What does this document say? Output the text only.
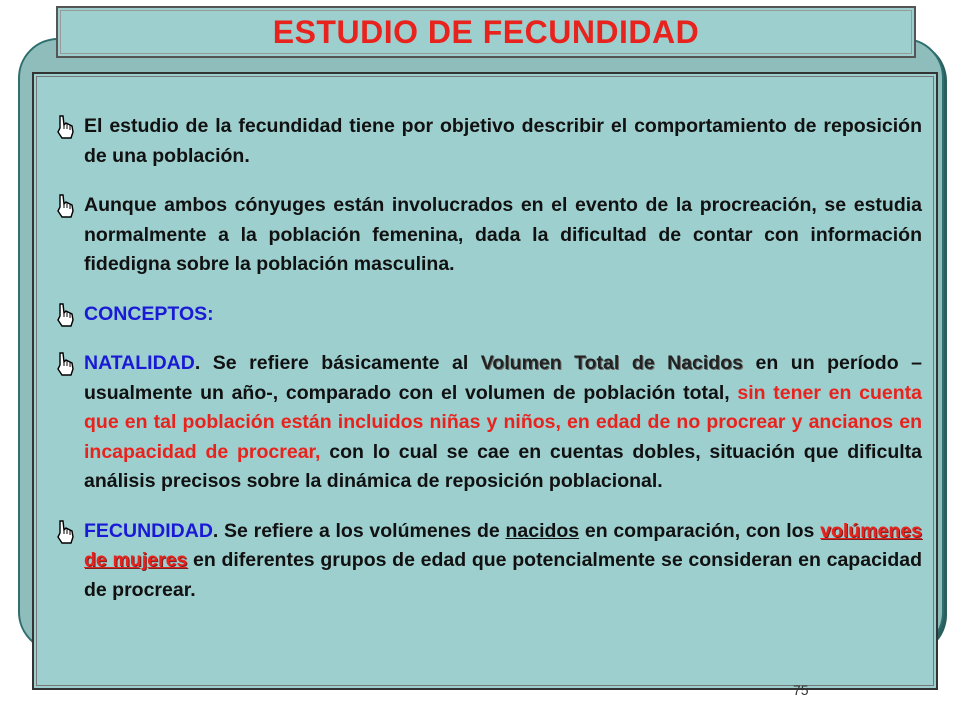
ESTUDIO DE FECUNDIDAD
El estudio de la fecundidad tiene por objetivo describir el comportamiento de reposición de una población.
Aunque ambos cónyuges están involucrados en el evento de la procreación, se estudia normalmente a la población femenina, dada la dificultad de contar con información fidedigna sobre la población masculina.
CONCEPTOS:
NATALIDAD. Se refiere básicamente al Volumen Total de Nacidos en un período – usualmente un año-, comparado con el volumen de población total, sin tener en cuenta que en tal población están incluidos niñas y niños, en edad de no procrear y ancianos en incapacidad de procrear, con lo cual se cae en cuentas dobles, situación que dificulta análisis precisos sobre la dinámica de reposición poblacional.
FECUNDIDAD. Se refiere a los volúmenes de nacidos en comparación, con los volúmenes de mujeres en diferentes grupos de edad que potencialmente se consideran en capacidad de procrear.
75
